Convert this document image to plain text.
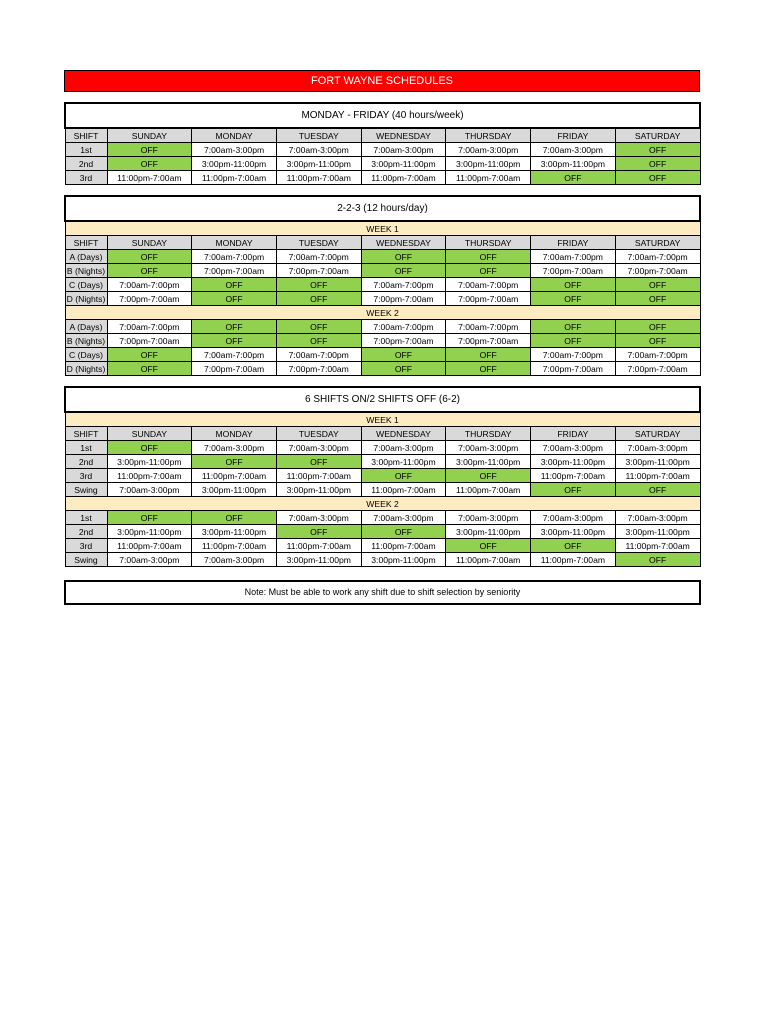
FORT WAYNE SCHEDULES
MONDAY - FRIDAY (40 hours/week)							
SHIFT	SUNDAY	MONDAY	TUESDAY	WEDNESDAY	THURSDAY	FRIDAY	SATURDAY
1st	OFF	7:00am-3:00pm	7:00am-3:00pm	7:00am-3:00pm	7:00am-3:00pm	7:00am-3:00pm	OFF
2nd	OFF	3:00pm-11:00pm	3:00pm-11:00pm	3:00pm-11:00pm	3:00pm-11:00pm	3:00pm-11:00pm	OFF
3rd	11:00pm-7:00am	11:00pm-7:00am	11:00pm-7:00am	11:00pm-7:00am	11:00pm-7:00am	OFF	OFF
2-2-3 (12 hours/day)							
WEEK 1							
SHIFT	SUNDAY	MONDAY	TUESDAY	WEDNESDAY	THURSDAY	FRIDAY	SATURDAY
A (Days)	OFF	7:00am-7:00pm	7:00am-7:00pm	OFF	OFF	7:00am-7:00pm	7:00am-7:00pm
B (Nights)	OFF	7:00pm-7:00am	7:00pm-7:00am	OFF	OFF	7:00pm-7:00am	7:00pm-7:00am
C (Days)	7:00am-7:00pm	OFF	OFF	7:00am-7:00pm	7:00am-7:00pm	OFF	OFF
D (Nights)	7:00pm-7:00am	OFF	OFF	7:00pm-7:00am	7:00pm-7:00am	OFF	OFF
WEEK 2							
A (Days)	7:00am-7:00pm	OFF	OFF	7:00am-7:00pm	7:00am-7:00pm	OFF	OFF
B (Nights)	7:00pm-7:00am	OFF	OFF	7:00pm-7:00am	7:00pm-7:00am	OFF	OFF
C (Days)	OFF	7:00am-7:00pm	7:00am-7:00pm	OFF	OFF	7:00am-7:00pm	7:00am-7:00pm
D (Nights)	OFF	7:00pm-7:00am	7:00pm-7:00am	OFF	OFF	7:00pm-7:00am	7:00pm-7:00am
6 SHIFTS ON/2 SHIFTS OFF (6-2)							
WEEK 1							
SHIFT	SUNDAY	MONDAY	TUESDAY	WEDNESDAY	THURSDAY	FRIDAY	SATURDAY
1st	OFF	7:00am-3:00pm	7:00am-3:00pm	7:00am-3:00pm	7:00am-3:00pm	7:00am-3:00pm	7:00am-3:00pm
2nd	3:00pm-11:00pm	OFF	OFF	3:00pm-11:00pm	3:00pm-11:00pm	3:00pm-11:00pm	3:00pm-11:00pm
3rd	11:00pm-7:00am	11:00pm-7:00am	11:00pm-7:00am	OFF	OFF	11:00pm-7:00am	11:00pm-7:00am
Swing	7:00am-3:00pm	3:00pm-11:00pm	3:00pm-11:00pm	11:00pm-7:00am	11:00pm-7:00am	OFF	OFF
WEEK 2							
1st	OFF	OFF	7:00am-3:00pm	7:00am-3:00pm	7:00am-3:00pm	7:00am-3:00pm	7:00am-3:00pm
2nd	3:00pm-11:00pm	3:00pm-11:00pm	OFF	OFF	3:00pm-11:00pm	3:00pm-11:00pm	3:00pm-11:00pm
3rd	11:00pm-7:00am	11:00pm-7:00am	11:00pm-7:00am	11:00pm-7:00am	OFF	OFF	11:00pm-7:00am
Swing	7:00am-3:00pm	7:00am-3:00pm	3:00pm-11:00pm	3:00pm-11:00pm	11:00pm-7:00am	11:00pm-7:00am	OFF
Note: Must be able to work any shift due to shift selection by seniority
